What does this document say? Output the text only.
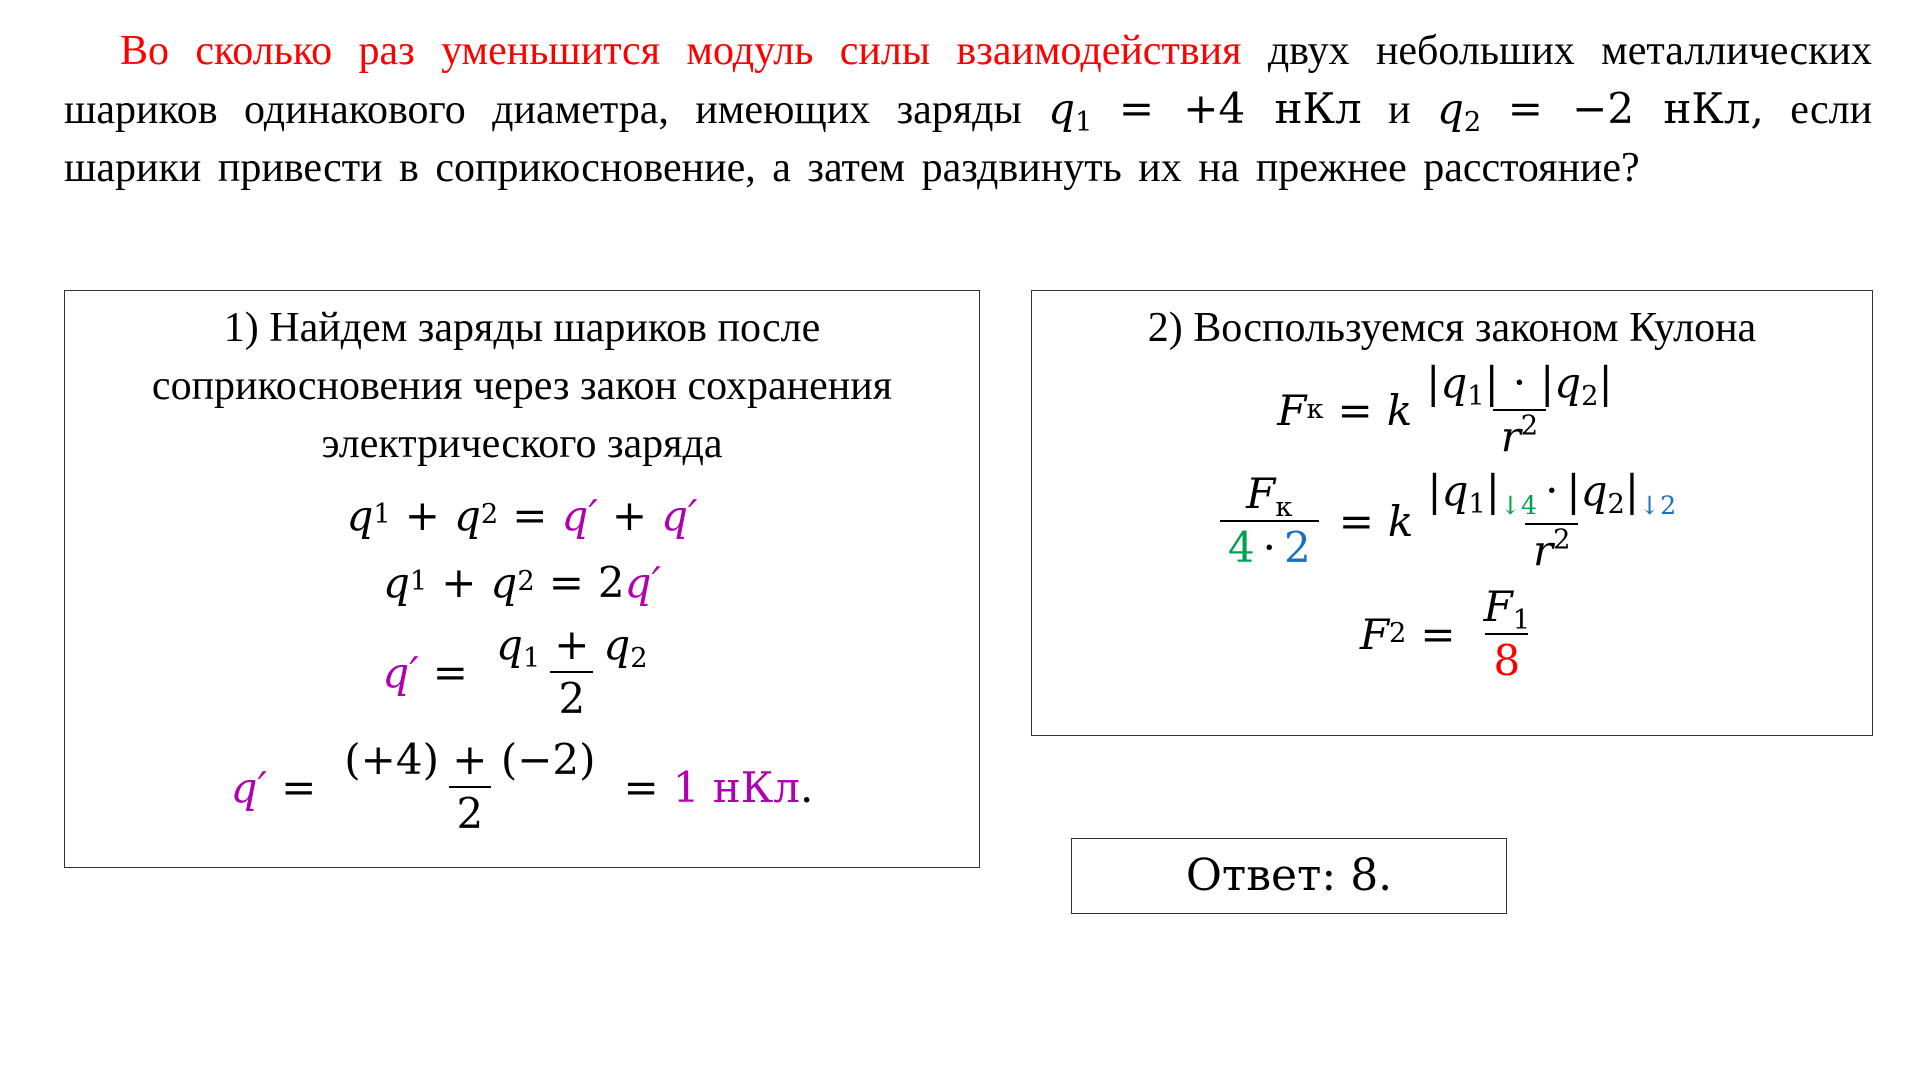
Во сколько раз уменьшится модуль силы взаимодействия двух небольших металлических шариков одинакового диаметра, имеющих заряды $q_1 = +4$ нКл и $q_2 = -2$ нКл, если шарики привести в соприкосновение, а затем раздвинуть их на прежнее расстояние?
1) Найдем заряды шариков после соприкосновения через закон сохранения электрического заряда
q 1 + q 2 = q′ + q′
q 1 + q 2 = 2 q′
$q' = \frac{q_1 + q_2}{2}$
$q' = \frac{(+4) + (-2)}{2} = 1$ нКл .
2) Воспользуемся законом Кулона
F к = k $\frac{|q_1| \cdot |q_2|}{r^2}$
$\frac{F_к}{4 \cdot 2} = k \frac{|q_1|_{↓4} \cdot |q_2|_{↓2}}{r^2}$
F $2 = \frac{F_1}{8}$
Ответ: 8.
